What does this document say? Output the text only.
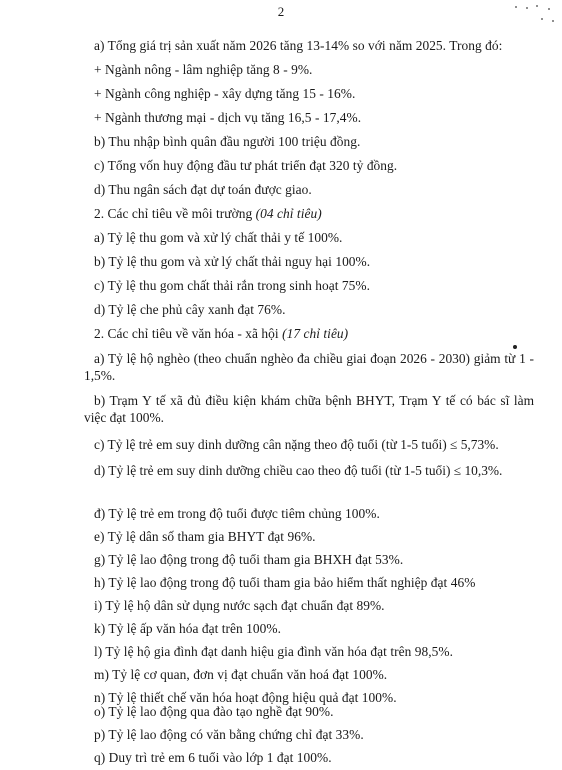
2
a) Tổng giá trị sản xuất năm 2026 tăng 13-14% so với năm 2025. Trong đó:
+ Ngành nông - lâm nghiệp tăng 8 - 9%.
+ Ngành công nghiệp - xây dựng tăng 15 - 16%.
+ Ngành thương mại - dịch vụ tăng 16,5 - 17,4%.
b) Thu nhập bình quân đầu người 100 triệu đồng.
c) Tổng vốn huy động đầu tư phát triển đạt 320 tỷ đồng.
d) Thu ngân sách đạt dự toán được giao.
2. Các chỉ tiêu về môi trường (04 chỉ tiêu)
a) Tỷ lệ thu gom và xử lý chất thải y tế 100%.
b) Tỷ lệ thu gom và xử lý chất thải nguy hại 100%.
c) Tỷ lệ thu gom chất thải rắn trong sinh hoạt 75%.
d) Tỷ lệ che phủ cây xanh đạt 76%.
2. Các chỉ tiêu về văn hóa - xã hội (17 chỉ tiêu)
a) Tỷ lệ hộ nghèo (theo chuẩn nghèo đa chiều giai đoạn 2026 - 2030) giảm từ 1 - 1,5%.
b) Trạm Y tế xã đủ điều kiện khám chữa bệnh BHYT, Trạm Y tế có bác sĩ làm việc đạt 100%.
c) Tỷ lệ trẻ em suy dinh dưỡng cân nặng theo độ tuổi (từ 1-5 tuổi) ≤ 5,73%.
d) Tỷ lệ trẻ em suy dinh dưỡng chiều cao theo độ tuổi (từ 1-5 tuổi) ≤ 10,3%.
đ) Tỷ lệ trẻ em trong độ tuổi được tiêm chủng 100%.
e) Tỷ lệ dân số tham gia BHYT đạt 96%.
g) Tỷ lệ lao động trong độ tuổi tham gia BHXH đạt 53%.
h) Tỷ lệ lao động trong độ tuổi tham gia bảo hiểm thất nghiệp đạt 46%
i) Tỷ lệ hộ dân sử dụng nước sạch đạt chuẩn đạt 89%.
k) Tỷ lệ ấp văn hóa đạt trên 100%.
l) Tỷ lệ hộ gia đình đạt danh hiệu gia đình văn hóa đạt trên 98,5%.
m) Tỷ lệ cơ quan, đơn vị đạt chuẩn văn hoá đạt 100%.
n) Tỷ lệ thiết chế văn hóa hoạt động hiệu quả đạt 100%.
o) Tỷ lệ lao động qua đào tạo nghề đạt 90%.
p) Tỷ lệ lao động có văn bằng chứng chỉ đạt 33%.
q) Duy trì trẻ em 6 tuổi vào lớp 1 đạt 100%.
